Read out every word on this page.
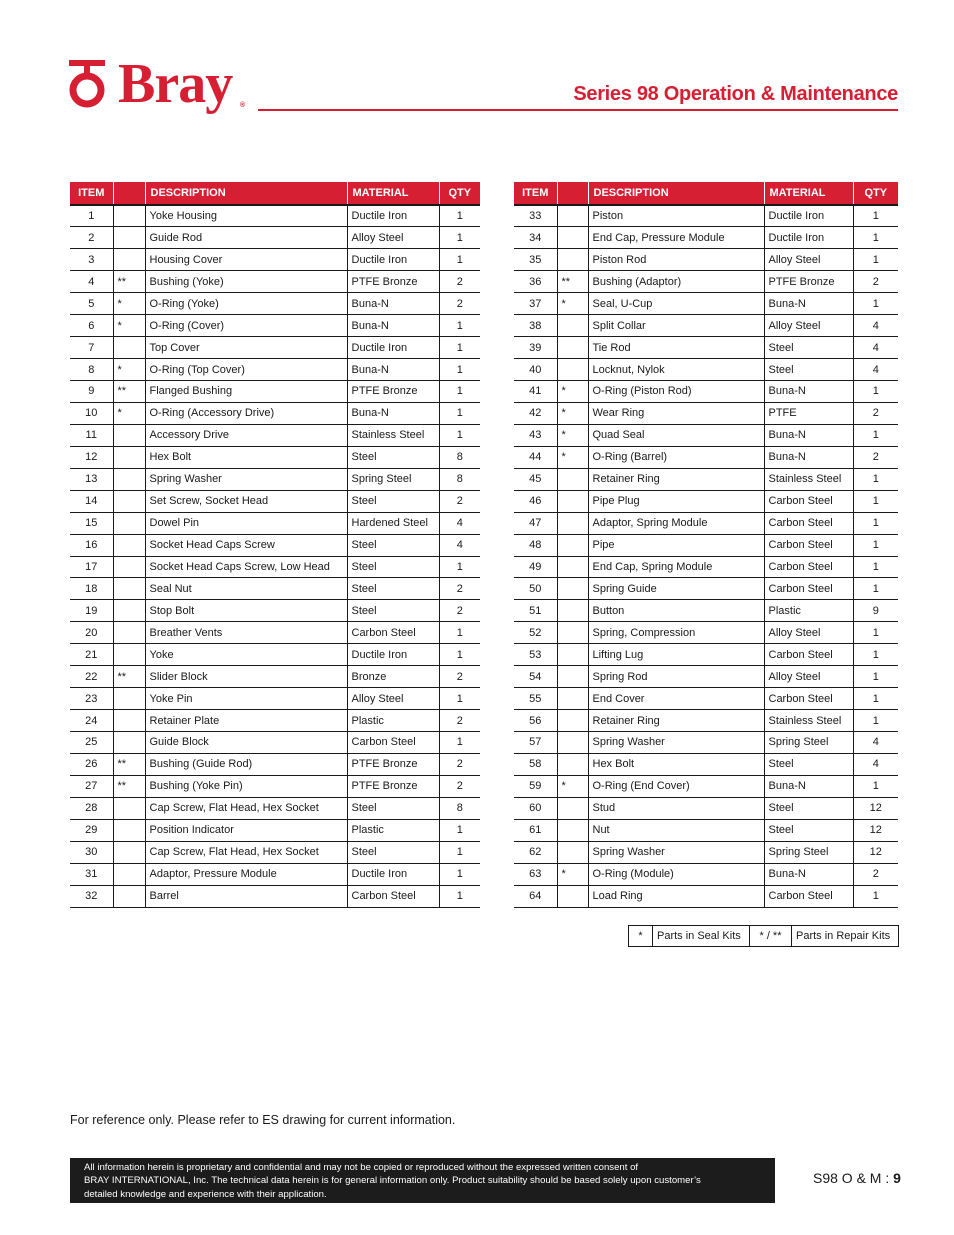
Bray ®
Series 98 Operation & Maintenance
ITEM		DESCRIPTION	MATERIAL	QTY
1		Yoke Housing	Ductile Iron	1
2		Guide Rod	Alloy Steel	1
3		Housing Cover	Ductile Iron	1
4	**	Bushing (Yoke)	PTFE Bronze	2
5	*	O-Ring (Yoke)	Buna-N	2
6	*	O-Ring (Cover)	Buna-N	1
7		Top Cover	Ductile Iron	1
8	*	O-Ring (Top Cover)	Buna-N	1
9	**	Flanged Bushing	PTFE Bronze	1
10	*	O-Ring (Accessory Drive)	Buna-N	1
11		Accessory Drive	Stainless Steel	1
12		Hex Bolt	Steel	8
13		Spring Washer	Spring Steel	8
14		Set Screw, Socket Head	Steel	2
15		Dowel Pin	Hardened Steel	4
16		Socket Head Caps Screw	Steel	4
17		Socket Head Caps Screw, Low Head	Steel	1
18		Seal Nut	Steel	2
19		Stop Bolt	Steel	2
20		Breather Vents	Carbon Steel	1
21		Yoke	Ductile Iron	1
22	**	Slider Block	Bronze	2
23		Yoke Pin	Alloy Steel	1
24		Retainer Plate	Plastic	2
25		Guide Block	Carbon Steel	1
26	**	Bushing (Guide Rod)	PTFE Bronze	2
27	**	Bushing (Yoke Pin)	PTFE Bronze	2
28		Cap Screw, Flat Head, Hex Socket	Steel	8
29		Position Indicator	Plastic	1
30		Cap Screw, Flat Head, Hex Socket	Steel	1
31		Adaptor, Pressure Module	Ductile Iron	1
32		Barrel	Carbon Steel	1
ITEM		DESCRIPTION	MATERIAL	QTY
33		Piston	Ductile Iron	1
34		End Cap, Pressure Module	Ductile Iron	1
35		Piston Rod	Alloy Steel	1
36	**	Bushing (Adaptor)	PTFE Bronze	2
37	*	Seal, U-Cup	Buna-N	1
38		Split Collar	Alloy Steel	4
39		Tie Rod	Steel	4
40		Locknut, Nylok	Steel	4
41	*	O-Ring (Piston Rod)	Buna-N	1
42	*	Wear Ring	PTFE	2
43	*	Quad Seal	Buna-N	1
44	*	O-Ring (Barrel)	Buna-N	2
45		Retainer Ring	Stainless Steel	1
46		Pipe Plug	Carbon Steel	1
47		Adaptor, Spring Module	Carbon Steel	1
48		Pipe	Carbon Steel	1
49		End Cap, Spring Module	Carbon Steel	1
50		Spring Guide	Carbon Steel	1
51		Button	Plastic	9
52		Spring, Compression	Alloy Steel	1
53		Lifting Lug	Carbon Steel	1
54		Spring Rod	Alloy Steel	1
55		End Cover	Carbon Steel	1
56		Retainer Ring	Stainless Steel	1
57		Spring Washer	Spring Steel	4
58		Hex Bolt	Steel	4
59	*	O-Ring (End Cover)	Buna-N	1
60		Stud	Steel	12
61		Nut	Steel	12
62		Spring Washer	Spring Steel	12
63	*	O-Ring (Module)	Buna-N	2
64		Load Ring	Carbon Steel	1
*	Parts in Seal Kits	* / **	Parts in Repair Kits
For reference only. Please refer to ES drawing for current information.
All information herein is proprietary and confidential and may not be copied or reproduced without the expressed written consent of
BRAY INTERNATIONAL, Inc. The technical data herein is for general information only. Product suitability should be based solely upon customer’s
detailed knowledge and experience with their application.
S98 O & M : 9
